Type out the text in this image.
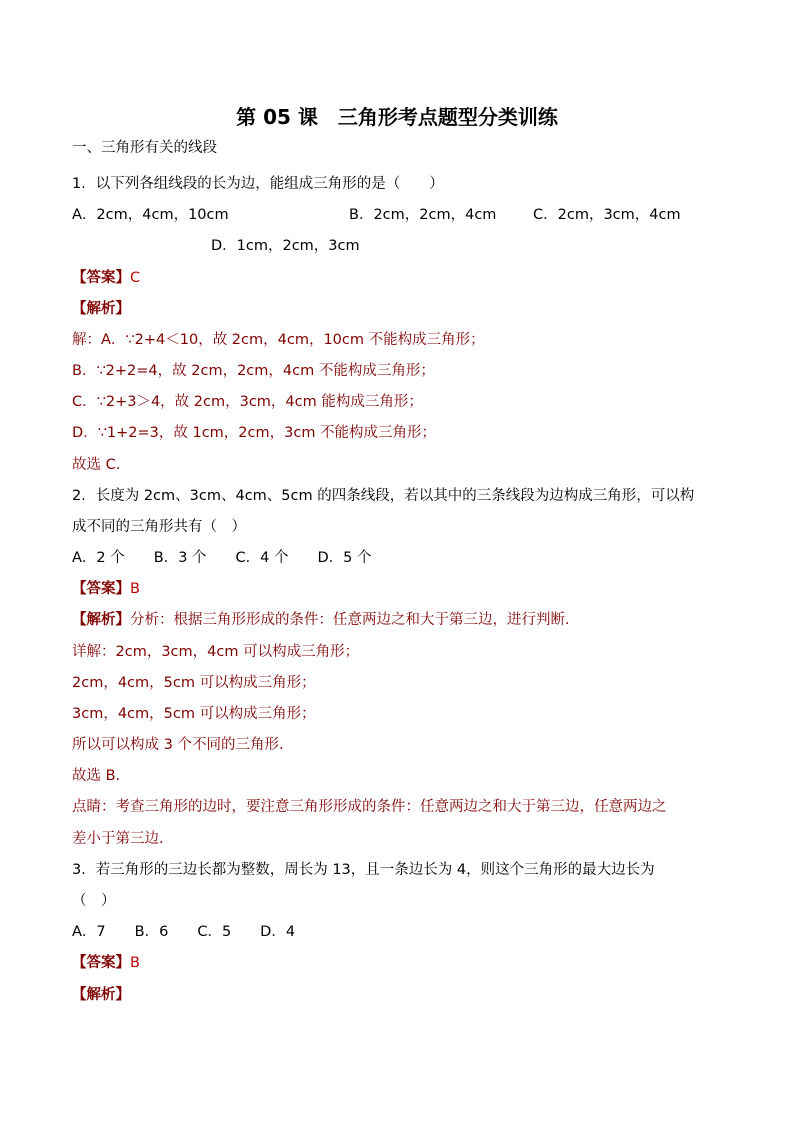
第 05 课　三角形考点题型分类训练
一、三角形有关的线段
1．以下列各组线段的长为边，能组成三角形的是（　　）
A．2cm，4cm，10cm	B．2cm，2cm，4cm	C．2cm，3cm，4cm
D．1cm，2cm，3cm
【答案】C
【解析】
解：A．∵2+4＜10，故 2cm，4cm，10cm 不能构成三角形；
B．∵2+2=4，故 2cm，2cm，4cm 不能构成三角形；
C．∵2+3＞4，故 2cm，3cm，4cm 能构成三角形；
D．∵1+2=3，故 1cm，2cm，3cm 不能构成三角形；
故选 C.
2．长度为 2cm、3cm、4cm、5cm 的四条线段，若以其中的三条线段为边构成三角形，可以构
成不同的三角形共有（　）
A．2 个　　B．3 个　　C．4 个　　D．5 个
【答案】B
【解析】分析：根据三角形形成的条件：任意两边之和大于第三边，进行判断.
详解：2cm，3cm，4cm 可以构成三角形；
2cm，4cm，5cm 可以构成三角形；
3cm，4cm，5cm 可以构成三角形；
所以可以构成 3 个不同的三角形.
故选 B.
点睛：考查三角形的边时，要注意三角形形成的条件：任意两边之和大于第三边，任意两边之
差小于第三边.
3．若三角形的三边长都为整数，周长为 13，且一条边长为 4，则这个三角形的最大边长为
（　）
A．7　　B．6　　C．5　　D．4
【答案】B
【解析】
